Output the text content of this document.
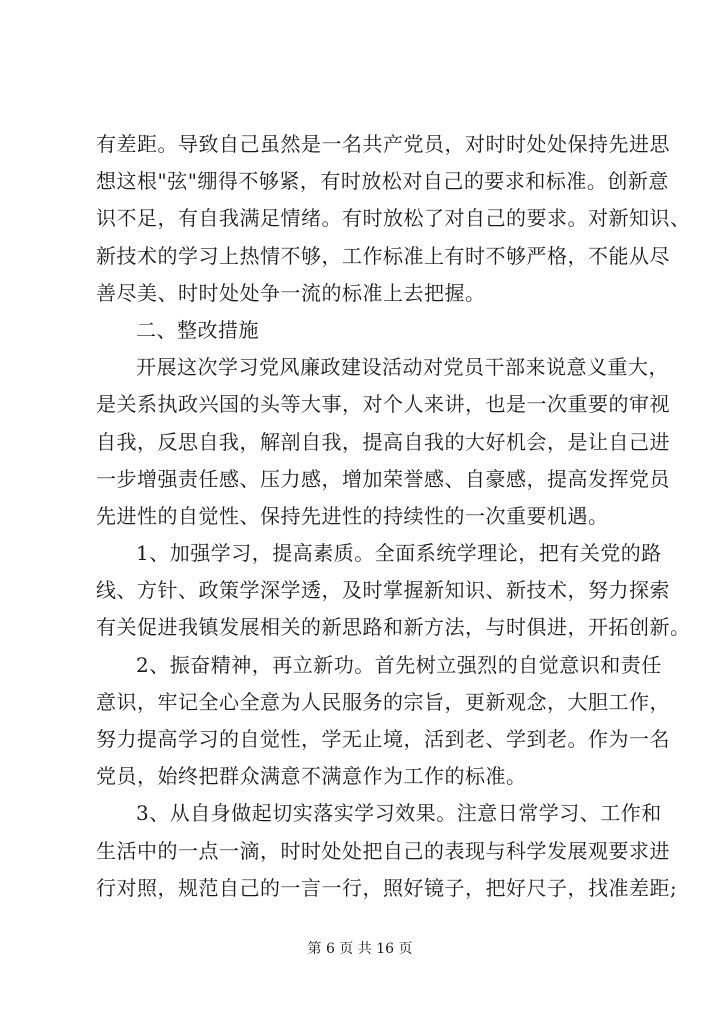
有差距。导致自己虽然是一名共产党员，对时时处处保持先进思
想这根"弦"绷得不够紧，有时放松对自己的要求和标准。创新意
识不足，有自我满足情绪。有时放松了对自己的要求。对新知识、
新技术的学习上热情不够，工作标准上有时不够严格，不能从尽
善尽美、时时处处争一流的标准上去把握。

二、整改措施

开展这次学习党风廉政建设活动对党员干部来说意义重大，
是关系执政兴国的头等大事，对个人来讲，也是一次重要的审视
自我，反思自我，解剖自我，提高自我的大好机会，是让自己进
一步增强责任感、压力感，增加荣誉感、自豪感，提高发挥党员
先进性的自觉性、保持先进性的持续性的一次重要机遇。

1、加强学习，提高素质。全面系统学理论，把有关党的路
线、方针、政策学深学透，及时掌握新知识、新技术，努力探索
有关促进我镇发展相关的新思路和新方法，与时俱进，开拓创新。

2、振奋精神，再立新功。首先树立强烈的自觉意识和责任
意识，牢记全心全意为人民服务的宗旨，更新观念，大胆工作，
努力提高学习的自觉性，学无止境，活到老、学到老。作为一名
党员，始终把群众满意不满意作为工作的标准。

3、从自身做起切实落实学习效果。注意日常学习、工作和
生活中的一点一滴，时时处处把自己的表现与科学发展观要求进
行对照，规范自己的一言一行，照好镜子，把好尺子，找准差距;

第 6 页 共 16 页
